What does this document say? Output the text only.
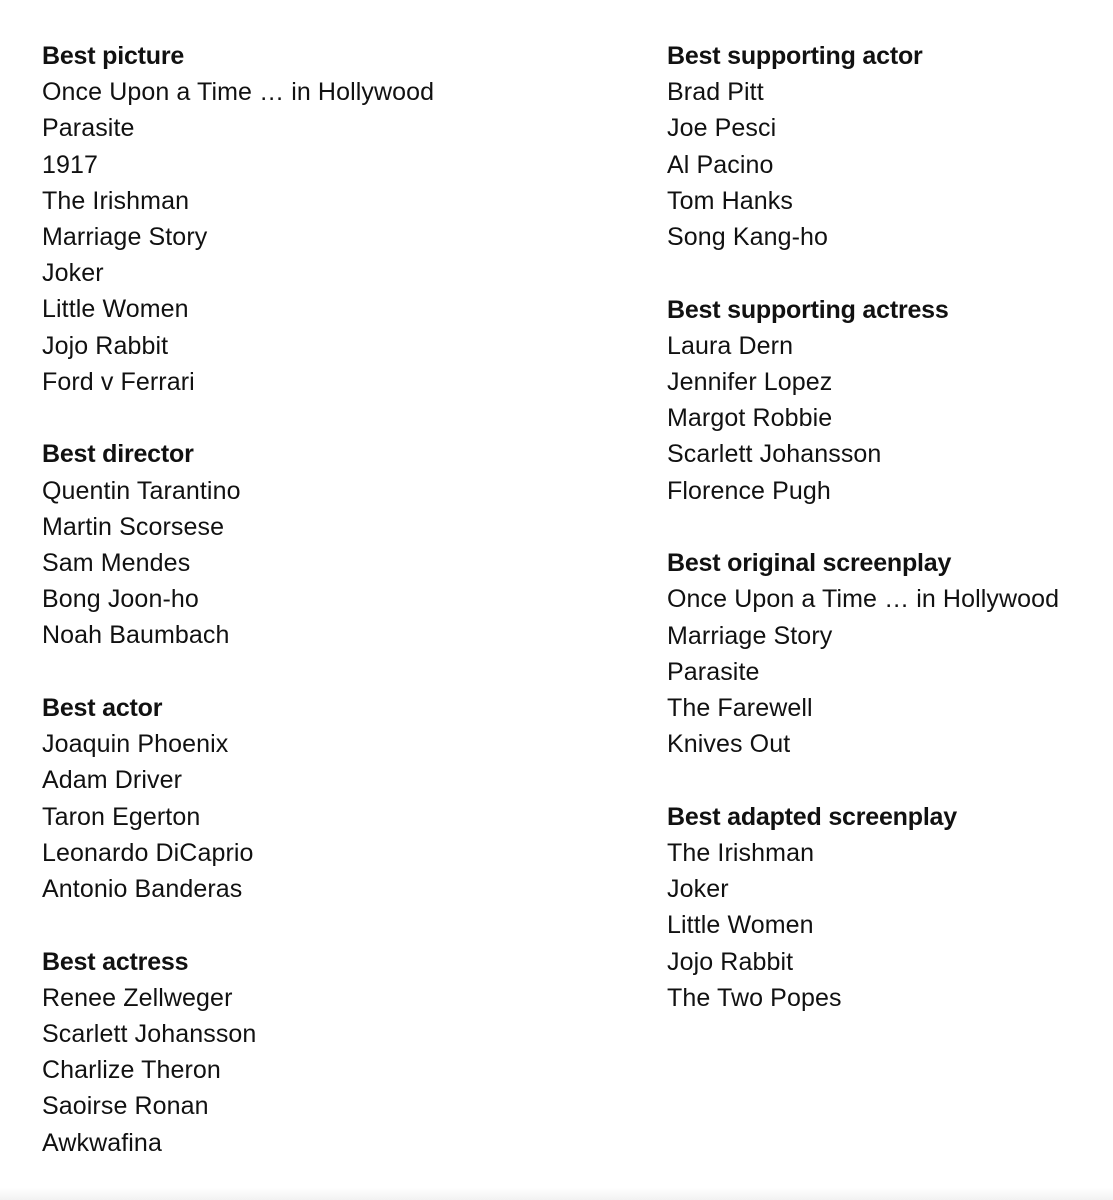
Best picture
Once Upon a Time … in Hollywood
Parasite
1917
The Irishman
Marriage Story
Joker
Little Women
Jojo Rabbit
Ford v Ferrari
Best director
Quentin Tarantino
Martin Scorsese
Sam Mendes
Bong Joon-ho
Noah Baumbach
Best actor
Joaquin Phoenix
Adam Driver
Taron Egerton
Leonardo DiCaprio
Antonio Banderas
Best actress
Renee Zellweger
Scarlett Johansson
Charlize Theron
Saoirse Ronan
Awkwafina
Best supporting actor
Brad Pitt
Joe Pesci
Al Pacino
Tom Hanks
Song Kang-ho
Best supporting actress
Laura Dern
Jennifer Lopez
Margot Robbie
Scarlett Johansson
Florence Pugh
Best original screenplay
Once Upon a Time … in Hollywood
Marriage Story
Parasite
The Farewell
Knives Out
Best adapted screenplay
The Irishman
Joker
Little Women
Jojo Rabbit
The Two Popes
